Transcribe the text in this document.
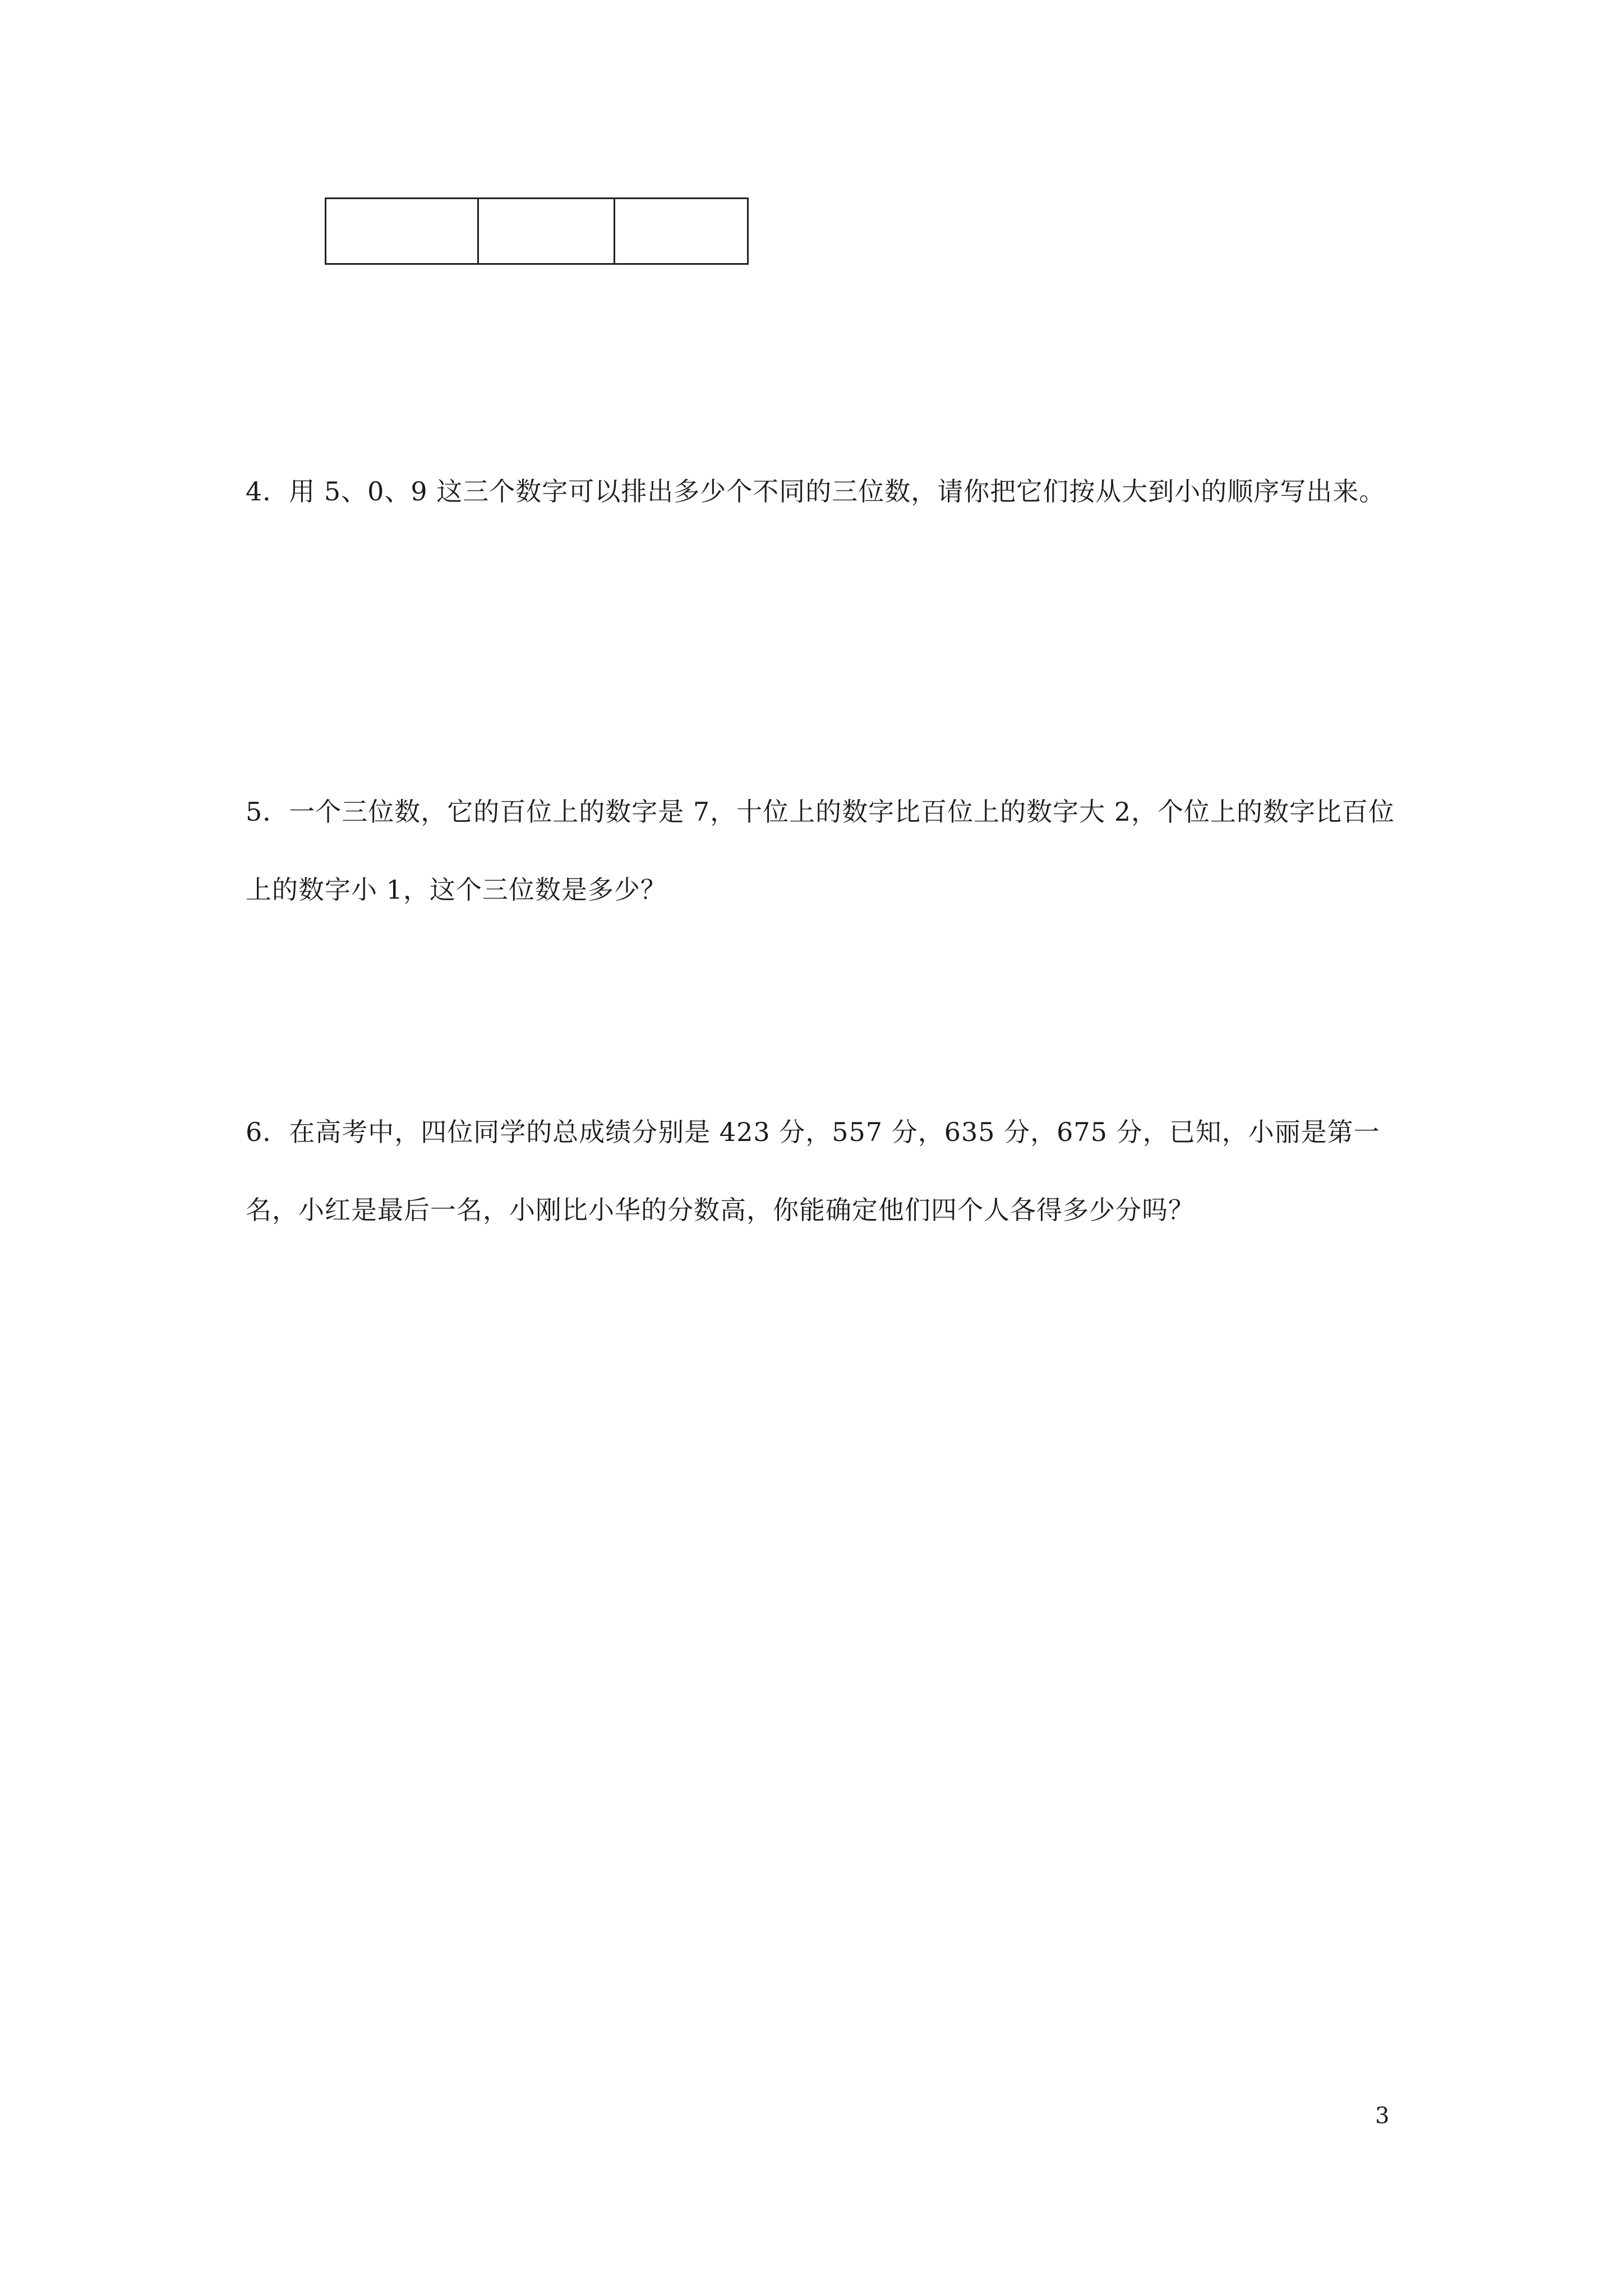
4．用 5、0、9 这三个数字可以排出多少个不同的三位数，请你把它们按从大到小的顺序写出来。

5．一个三位数，它的百位上的数字是 7，十位上的数字比百位上的数字大 2，个位上的数字比百位上的数字小 1，这个三位数是多少？

6．在高考中，四位同学的总成绩分别是 423 分，557 分，635 分，675 分，已知，小丽是第一名，小红是最后一名，小刚比小华的分数高，你能确定他们四个人各得多少分吗？

3
